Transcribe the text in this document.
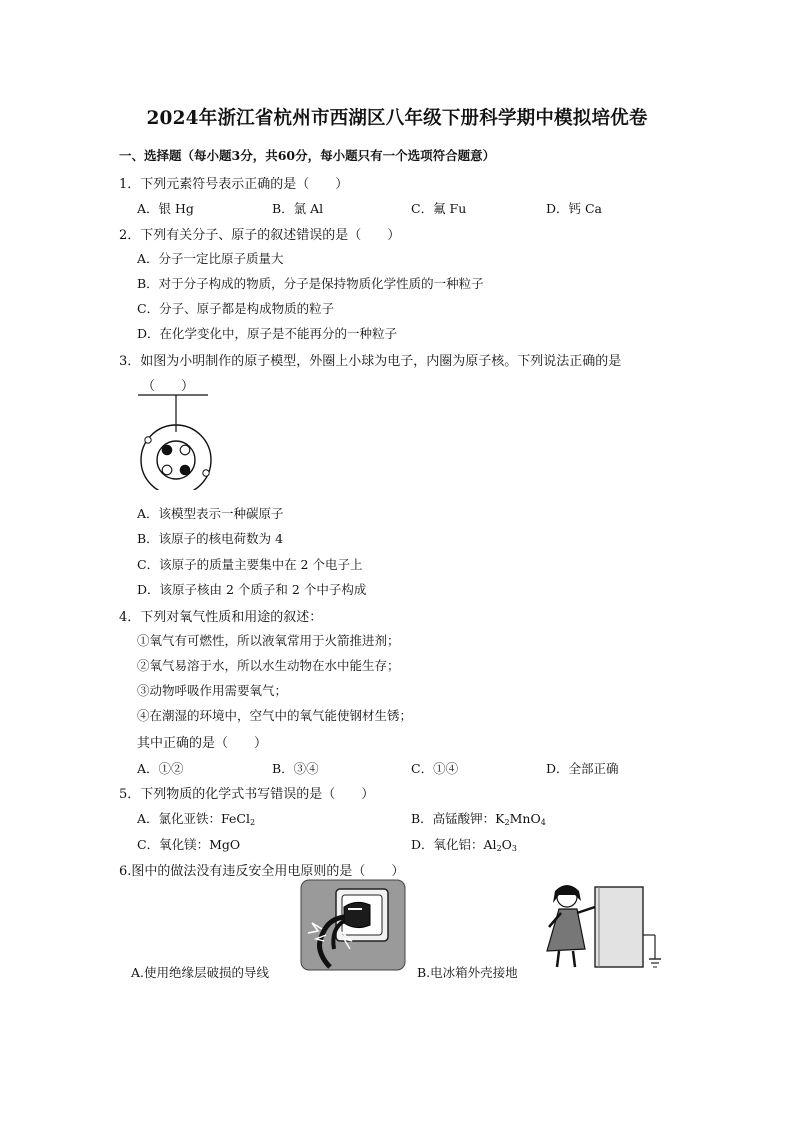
2024年浙江省杭州市西湖区八年级下册科学期中模拟培优卷
一、选择题（每小题3分，共60分，每小题只有一个选项符合题意）
1．下列元素符号表示正确的是（　　）
A．银 Hg	B．氯 Al	C．氟 Fu	D．钙 Ca
2．下列有关分子、原子的叙述错误的是（　　）
A．分子一定比原子质量大
B．对于分子构成的物质，分子是保持物质化学性质的一种粒子
C．分子、原子都是构成物质的粒子
D．在化学变化中，原子是不能再分的一种粒子
3．如图为小明制作的原子模型，外圈上小球为电子，内圈为原子核。下列说法正确的是
（　　）
A．该模型表示一种碳原子
B．该原子的核电荷数为 4
C．该原子的质量主要集中在 2 个电子上
D．该原子核由 2 个质子和 2 个中子构成
4．下列对氧气性质和用途的叙述：
①氧气有可燃性，所以液氧常用于火箭推进剂；
②氧气易溶于水，所以水生动物在水中能生存；
③动物呼吸作用需要氧气；
④在潮湿的环境中，空气中的氧气能使钢材生锈；
其中正确的是（　　）
A．①②	B．③④	C．①④	D．全部正确
5．下列物质的化学式书写错误的是（　　）
A．氯化亚铁：FeCl$_2$	B．高锰酸钾：$K_2MnO_4$
C．氧化镁：MgO	D．氧化铝：$Al_2O_3$
6.图中的做法没有违反安全用电原则的是（　　）
A.使用绝缘层破损的导线	B.电冰箱外壳接地
